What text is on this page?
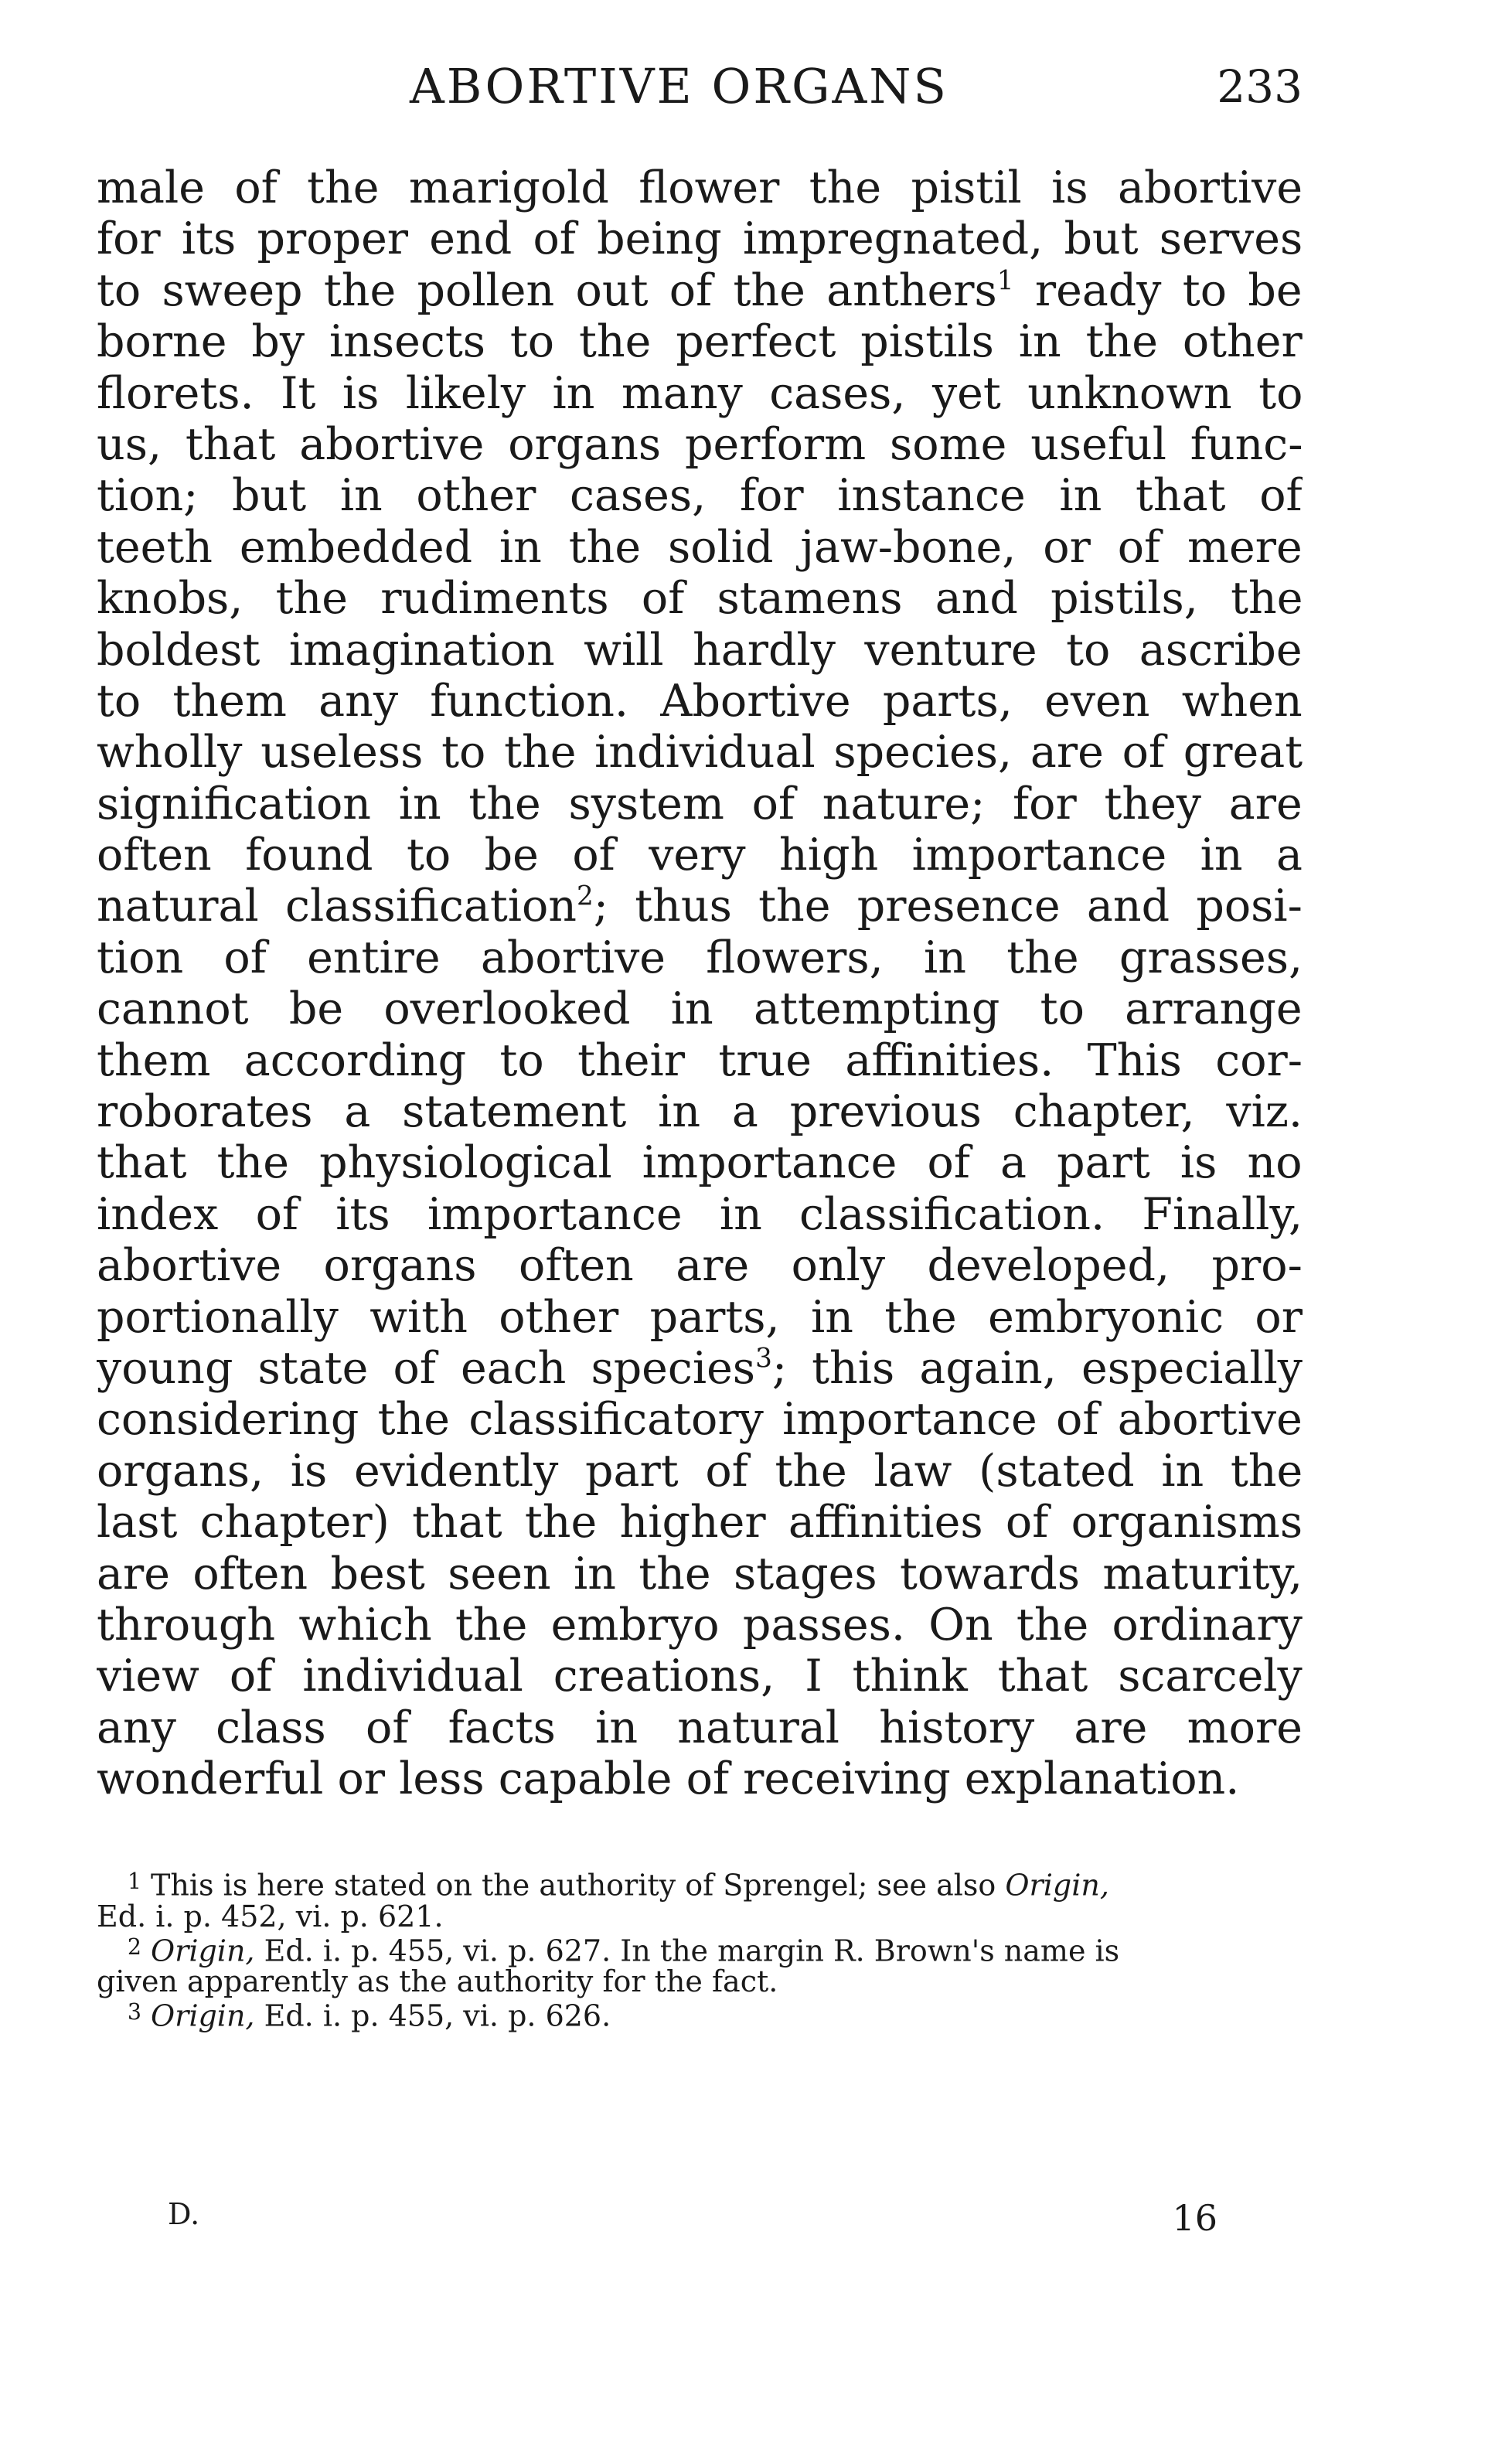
ABORTIVE ORGANS	233
male of the marigold flower the pistil is abortive
for its proper end of being impregnated, but serves
to sweep the pollen out of the anthers$^1$ ready to be
borne by insects to the perfect pistils in the other
florets. It is likely in many cases, yet unknown to
us, that abortive organs perform some useful func-
tion; but in other cases, for instance in that of
teeth embedded in the solid jaw-bone, or of mere
knobs, the rudiments of stamens and pistils, the
boldest imagination will hardly venture to ascribe
to them any function. Abortive parts, even when
wholly useless to the individual species, are of great
signification in the system of nature; for they are
often found to be of very high importance in a
natural classification$^2$; thus the presence and posi-
tion of entire abortive flowers, in the grasses,
cannot be overlooked in attempting to arrange
them according to their true affinities. This cor-
roborates a statement in a previous chapter, viz.
that the physiological importance of a part is no
index of its importance in classification. Finally,
abortive organs often are only developed, pro-
portionally with other parts, in the embryonic or
young state of each species$^3$; this again, especially
considering the classificatory importance of abortive
organs, is evidently part of the law (stated in the
last chapter) that the higher affinities of organisms
are often best seen in the stages towards maturity,
through which the embryo passes. On the ordinary
view of individual creations, I think that scarcely
any class of facts in natural history are more
wonderful or less capable of receiving explanation.

1 This is here stated on the authority of Sprengel; see also Origin,
Ed. i. p. 452, vi. p. 621.

2 Origin, Ed. i. p. 455, vi. p. 627. In the margin R. Brown's name is
given apparently as the authority for the fact.

3 Origin, Ed. i. p. 455, vi. p. 626.

D.	16
